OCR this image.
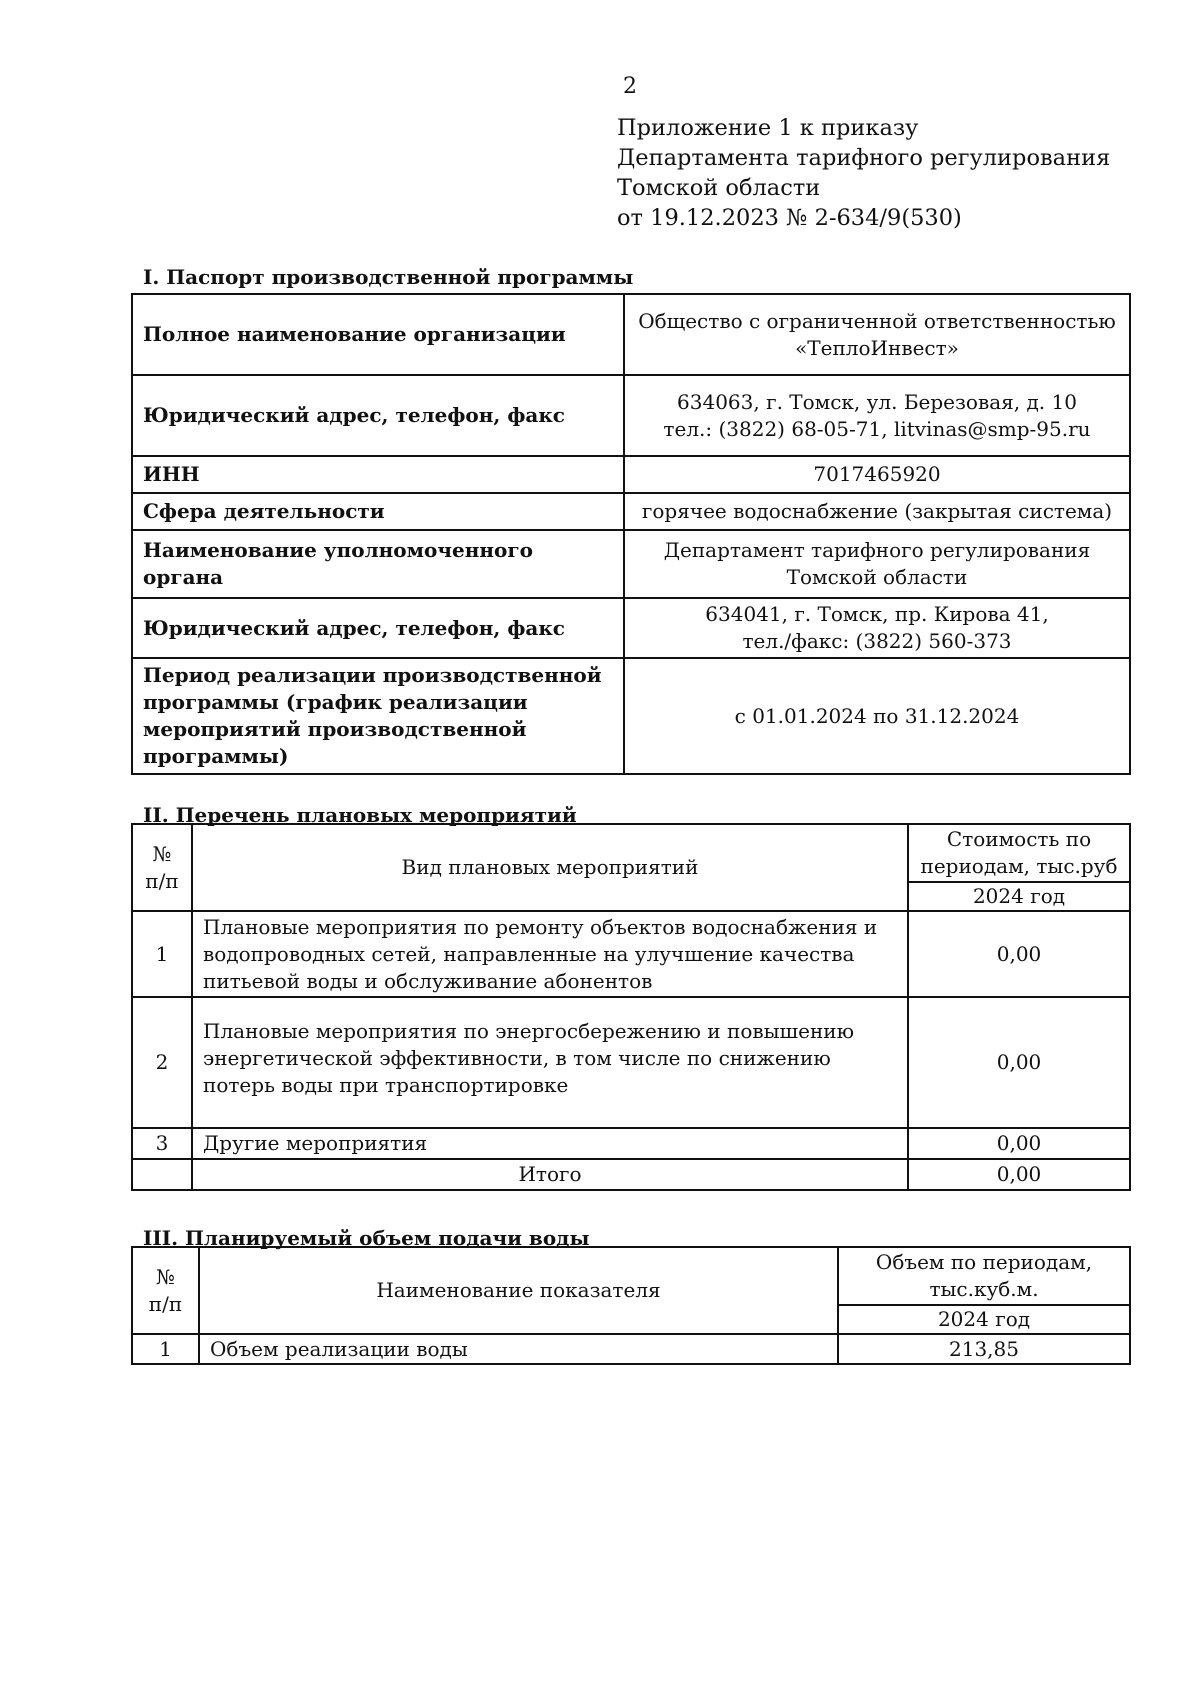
2
Приложение 1 к приказу
Департамента тарифного регулирования
Томской области
от 19.12.2023 № 2-634/9(530)
I. Паспорт производственной программы
Полное наименование организации	Общество с ограниченной ответственностью
«ТеплоИнвест»

Юридический адрес, телефон, факс	634063, г. Томск, ул. Березовая, д. 10
тел.: (3822) 68-05-71, litvinas@smp-95.ru

ИНН	7017465920

Сфера деятельности	горячее водоснабжение (закрытая система)

Наименование уполномоченного органа	Департамент тарифного регулирования
Томской области

Юридический адрес, телефон, факс	634041, г. Томск, пр. Кирова 41,
тел./факс: (3822) 560-373

Период реализации производственной программы (график реализации мероприятий производственной программы)	с 01.01.2024 по 31.12.2024
II. Перечень плановых мероприятий
№ п/п	Вид плановых мероприятий	Стоимость по периодам, тыс.руб
		2024 год
1	Плановые мероприятия по ремонту объектов водоснабжения и водопроводных сетей, направленные на улучшение качества питьевой воды и обслуживание абонентов	0,00
2	Плановые мероприятия по энергосбережению и повышению энергетической эффективности, в том числе по снижению потерь воды при транспортировке	0,00
3	Другие мероприятия	0,00
	Итого	0,00
III. Планируемый объем подачи воды
№ п/п	Наименование показателя	Объем по периодам, тыс.куб.м.
		2024 год
1	Объем реализации воды	213,85
